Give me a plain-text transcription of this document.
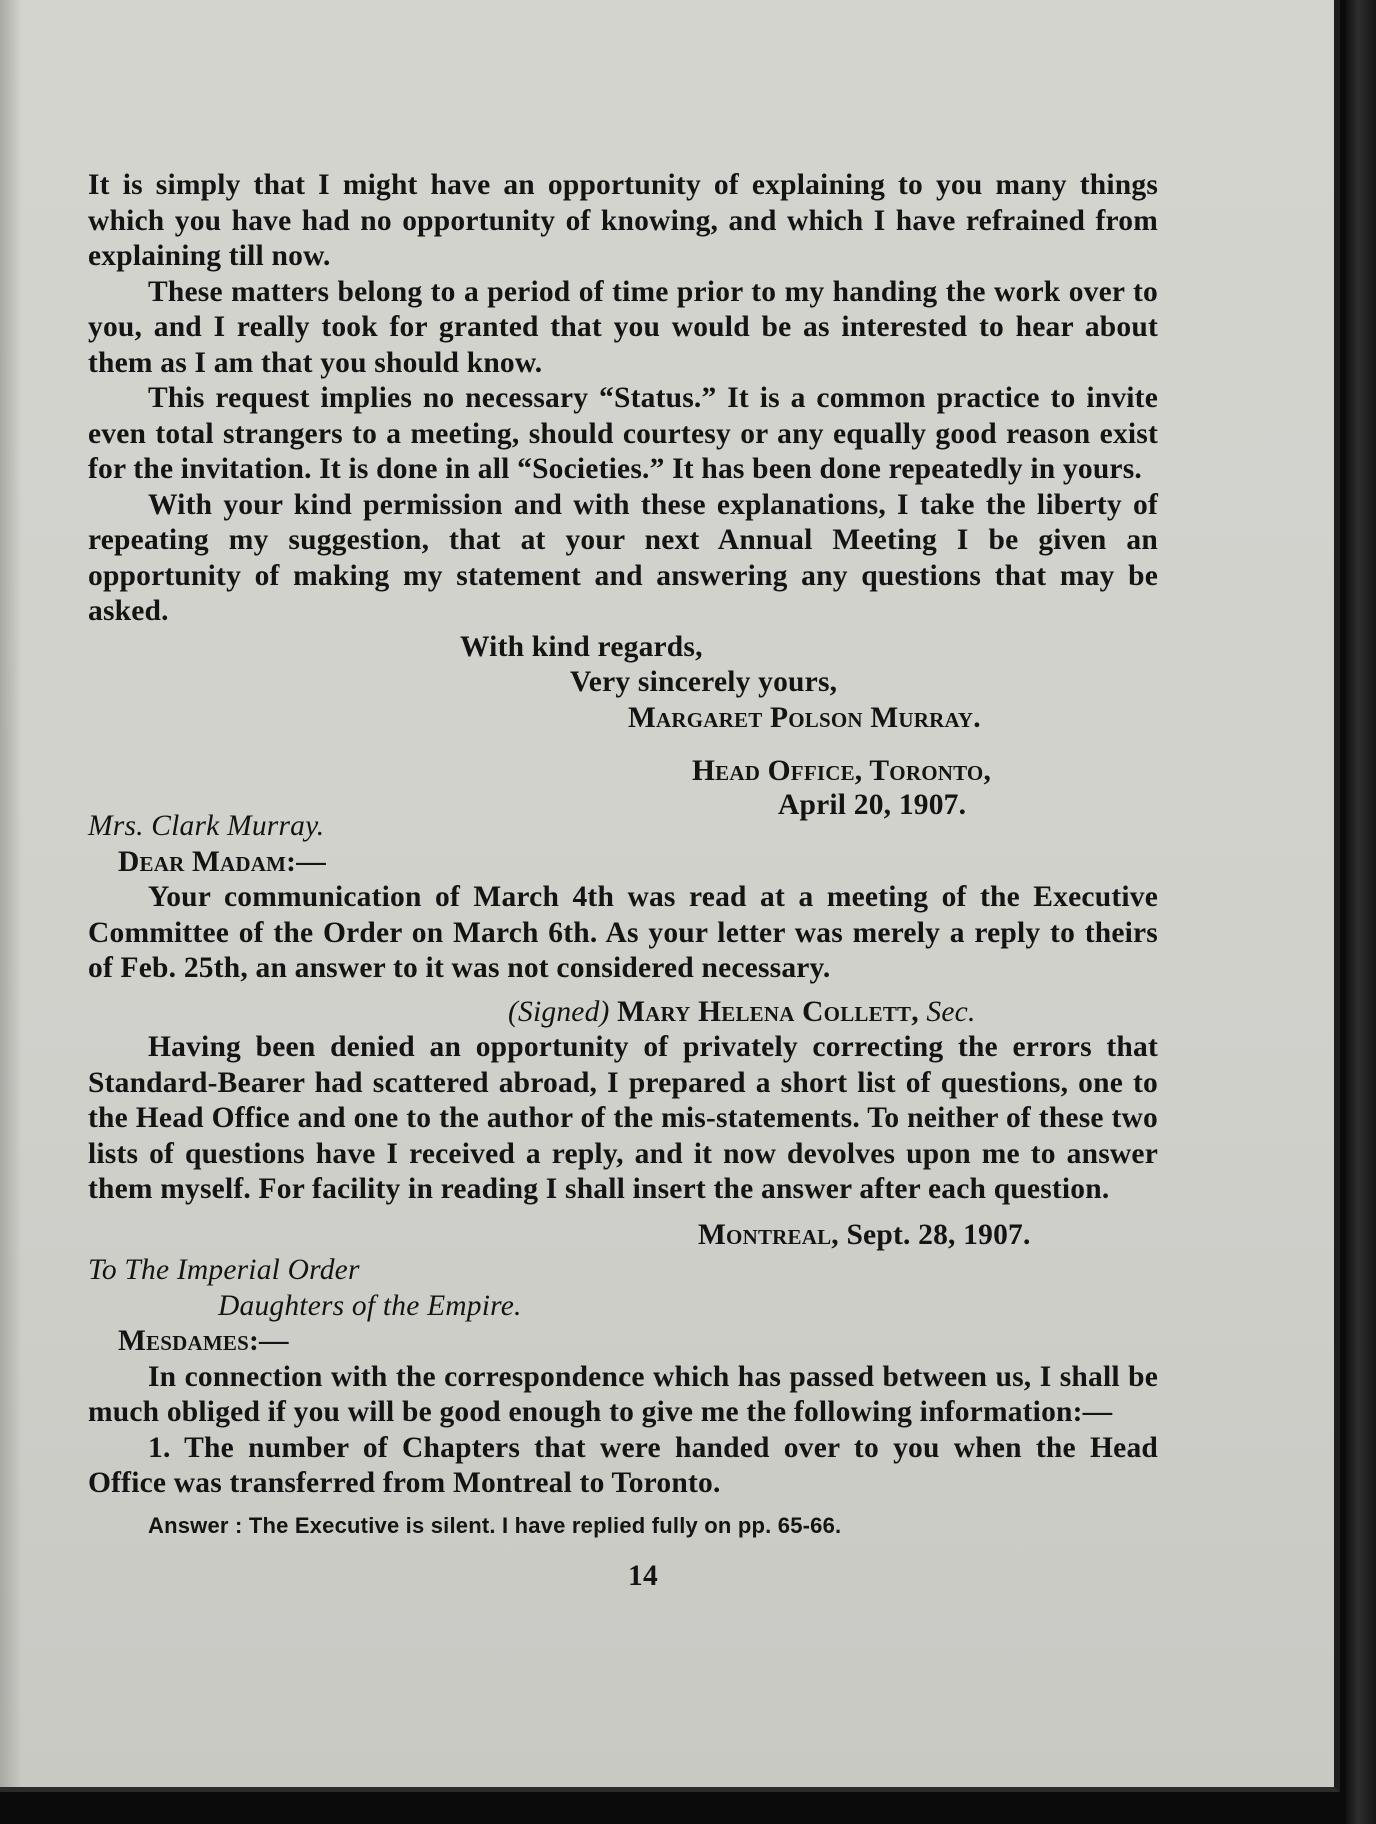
It is simply that I might have an opportunity of explaining to you many things which you have had no opportunity of knowing, and which I have refrained from explaining till now.

These matters belong to a period of time prior to my handing the work over to you, and I really took for granted that you would be as interested to hear about them as I am that you should know.

This request implies no necessary “Status.” It is a common practice to invite even total strangers to a meeting, should courtesy or any equally good reason exist for the invitation. It is done in all “Societies.” It has been done repeatedly in yours.

With your kind permission and with these explanations, I take the liberty of repeating my suggestion, that at your next Annual Meeting I be given an opportunity of making my statement and answering any questions that may be asked.

With kind regards,
Very sincerely yours,
Margaret Polson Murray.
Head Office, Toronto,
April 20, 1907.
Mrs. Clark Murray.
Dear Madam:—

Your communication of March 4th was read at a meeting of the Executive Committee of the Order on March 6th. As your letter was merely a reply to theirs of Feb. 25th, an answer to it was not considered necessary.

(Signed) Mary Helena Collett, Sec.

Having been denied an opportunity of privately correcting the errors that Standard-Bearer had scattered abroad, I prepared a short list of questions, one to the Head Office and one to the author of the mis-statements. To neither of these two lists of questions have I received a reply, and it now devolves upon me to answer them myself. For facility in reading I shall insert the answer after each question.

Montreal, Sept. 28, 1907.
To The Imperial Order
Daughters of the Empire.
Mesdames:—

In connection with the correspondence which has passed between us, I shall be much obliged if you will be good enough to give me the following information:—

1. The number of Chapters that were handed over to you when the Head Office was transferred from Montreal to Toronto.

Answer : The Executive is silent. I have replied fully on pp. 65-66.
14
